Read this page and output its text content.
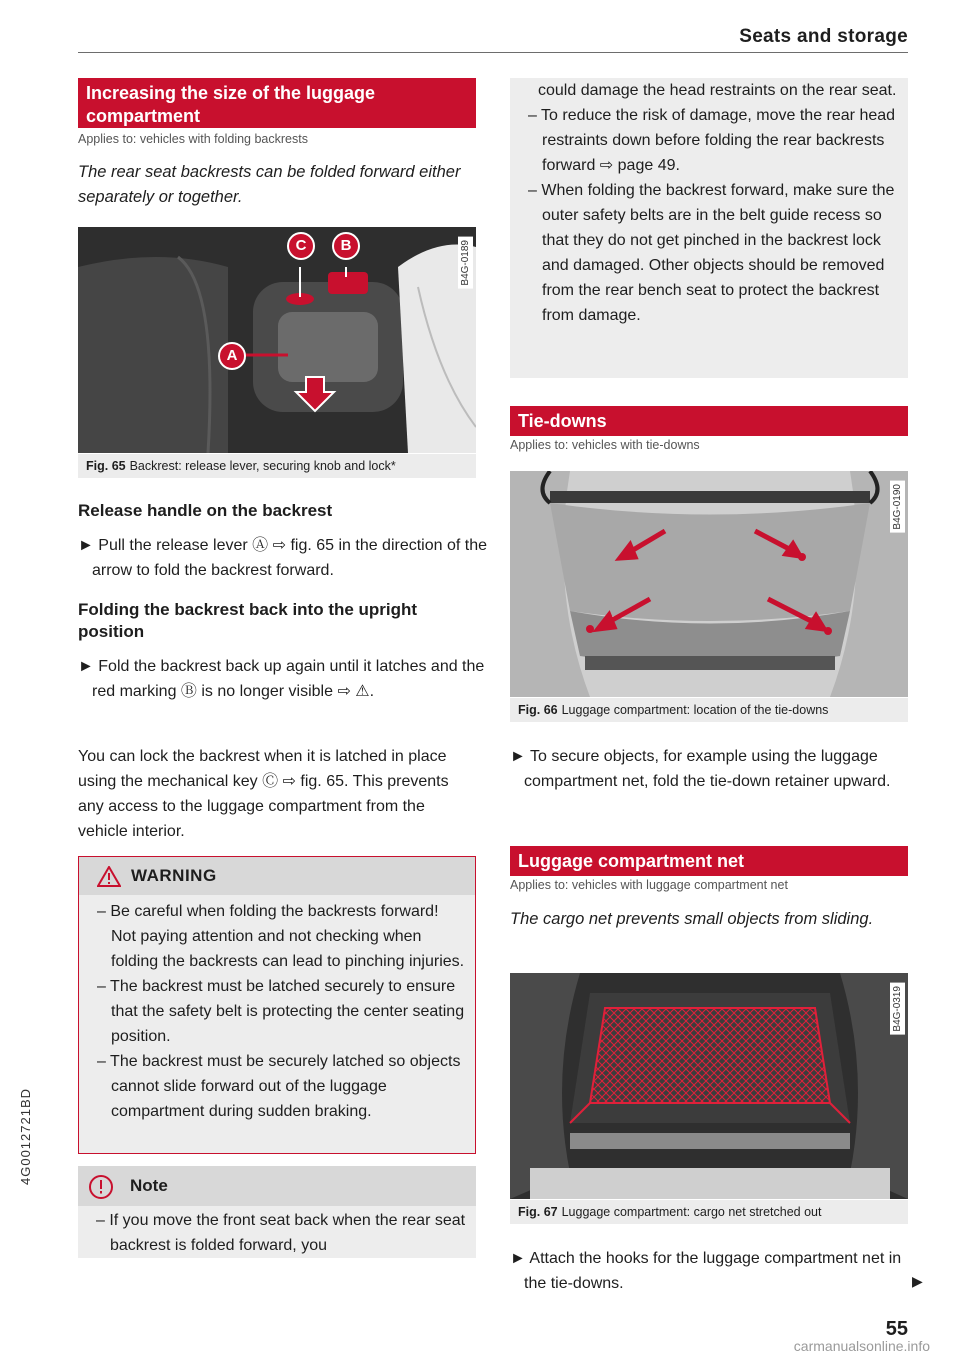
Seats and storage
Increasing the size of the luggage compartment
Applies to: vehicles with folding backrests
The rear seat backrests can be folded forward either separately or together.
C	B
A
B4G-0189
Fig. 65 Backrest: release lever, securing knob and lock*
Release handle on the backrest

► Pull the release lever Ⓐ ⇨ fig. 65 in the direction of the arrow to fold the backrest forward.

Folding the backrest back into the upright position

► Fold the backrest back up again until it latches and the red marking Ⓑ is no longer visible ⇨ ⚠.

You can lock the backrest when it is latched in place using the mechanical key Ⓒ ⇨ fig. 65. This prevents any access to the luggage compartment from the vehicle interior.
WARNING

– Be careful when folding the backrests forward! Not paying attention and not checking when folding the backrests can lead to pinching injuries.

– The backrest must be latched securely to ensure that the safety belt is protecting the center seating position.

– The backrest must be securely latched so objects cannot slide forward out of the luggage compartment during sudden braking.

Note

– If you move the front seat back when the rear seat backrest is folded forward, you

could damage the head restraints on the rear seat.

– To reduce the risk of damage, move the rear head restraints down before folding the rear backrests forward ⇨ page 49.

– When folding the backrest forward, make sure the outer safety belts are in the belt guide recess so that they do not get pinched in the backrest lock and damaged. Other objects should be removed from the rear bench seat to protect the backrest from damage.

Tie-downs
Applies to: vehicles with tie-downs
B4G-0190
Fig. 66 Luggage compartment: location of the tie-downs

► To secure objects, for example using the luggage compartment net, fold the tie-down retainer upward.

Luggage compartment net
Applies to: vehicles with luggage compartment net
The cargo net prevents small objects from sliding.
B4G-0319
Fig. 67 Luggage compartment: cargo net stretched out

► Attach the hooks for the luggage compartment net in the tie-downs.	▶
55
4G0012721BD
carmanualsonline.info
